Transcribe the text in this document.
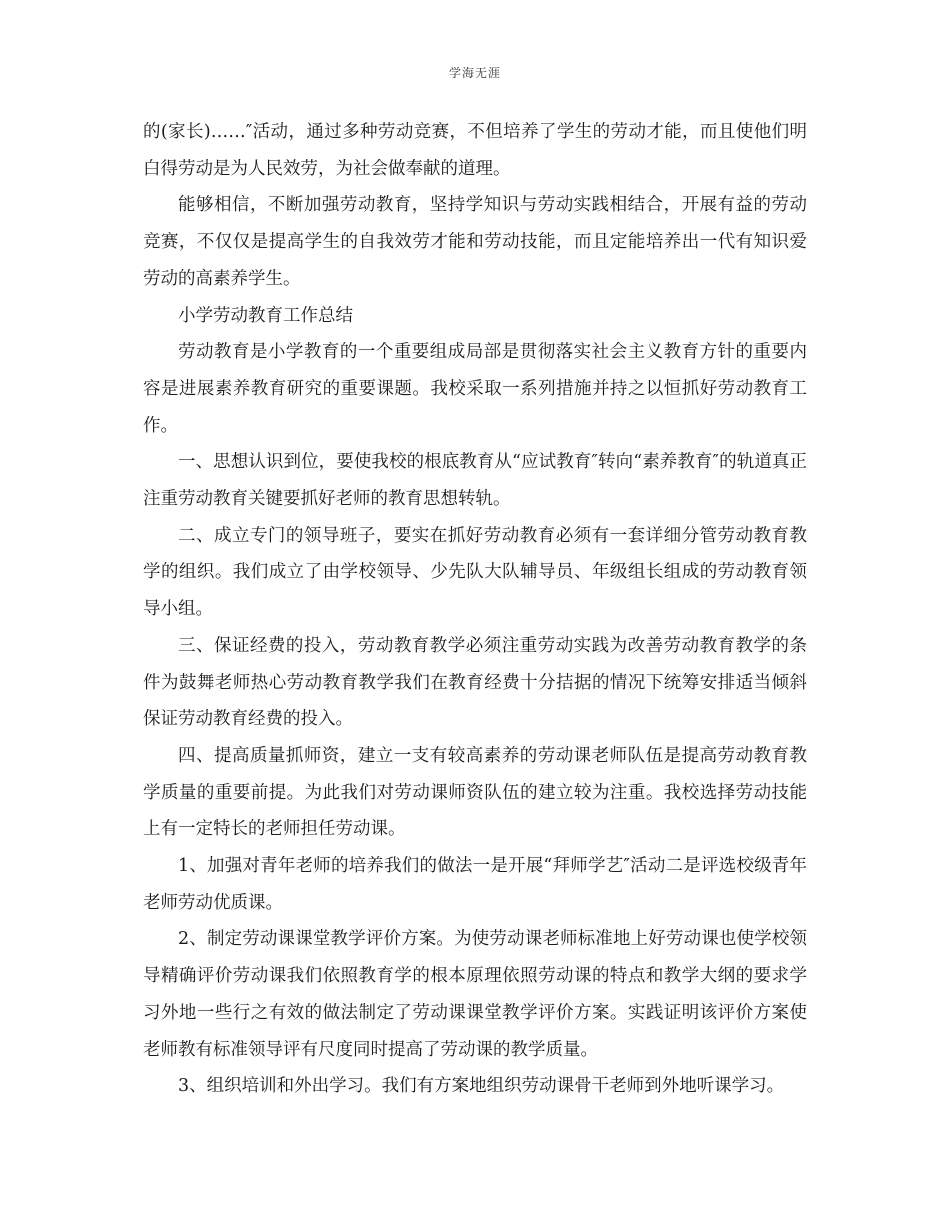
学海无涯

的(家长)……″活动，通过多种劳动竞赛，不但培养了学生的劳动才能，而且使他们明白得劳动是为人民效劳，为社会做奉献的道理。

能够相信，不断加强劳动教育，坚持学知识与劳动实践相结合，开展有益的劳动竞赛，不仅仅是提高学生的自我效劳才能和劳动技能，而且定能培养出一代有知识爱劳动的高素养学生。

小学劳动教育工作总结

劳动教育是小学教育的一个重要组成局部是贯彻落实社会主义教育方针的重要内容是进展素养教育研究的重要课题。我校采取一系列措施并持之以恒抓好劳动教育工作。

一、思想认识到位，要使我校的根底教育从“应试教育″转向“素养教育″的轨道真正注重劳动教育关键要抓好老师的教育思想转轨。

二、成立专门的领导班子，要实在抓好劳动教育必须有一套详细分管劳动教育教学的组织。我们成立了由学校领导、少先队大队辅导员、年级组长组成的劳动教育领导小组。

三、保证经费的投入，劳动教育教学必须注重劳动实践为改善劳动教育教学的条件为鼓舞老师热心劳动教育教学我们在教育经费十分拮据的情况下统筹安排适当倾斜保证劳动教育经费的投入。

四、提高质量抓师资，建立一支有较高素养的劳动课老师队伍是提高劳动教育教学质量的重要前提。为此我们对劳动课师资队伍的建立较为注重。我校选择劳动技能上有一定特长的老师担任劳动课。

1、加强对青年老师的培养我们的做法一是开展“拜师学艺″活动二是评选校级青年老师劳动优质课。

2、制定劳动课课堂教学评价方案。为使劳动课老师标准地上好劳动课也使学校领导精确评价劳动课我们依照教育学的根本原理依照劳动课的特点和教学大纲的要求学习外地一些行之有效的做法制定了劳动课课堂教学评价方案。实践证明该评价方案使老师教有标准领导评有尺度同时提高了劳动课的教学质量。

3、组织培训和外出学习。我们有方案地组织劳动课骨干老师到外地听课学习。
